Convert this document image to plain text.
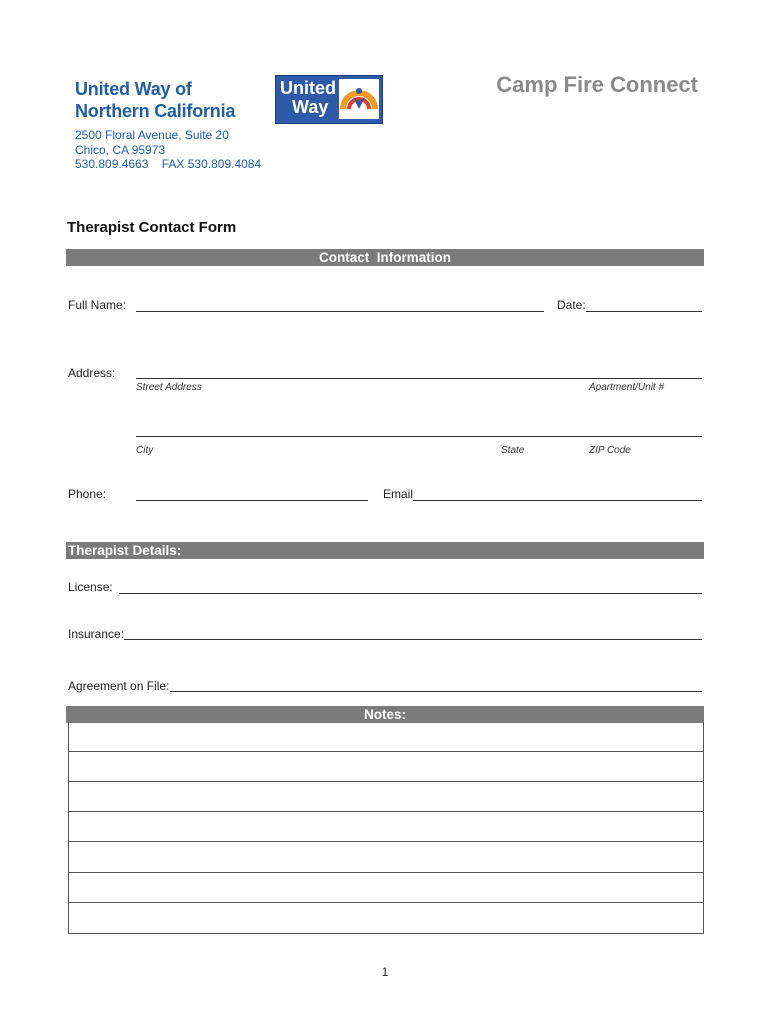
United Way of
Northern California
2500 Floral Avenue, Suite 20
Chico, CA 95973
530.809.4663    FAX 530.809.4084
United
Way
Camp Fire Connect
Therapist Contact Form
Contact  Information
Full Name:	Date:
Address:
Street Address	Apartment/Unit #
City	State	ZIP Code
Phone:	Email
Therapist Details:
License:
Insurance:
Agreement on File:
Notes:
1
